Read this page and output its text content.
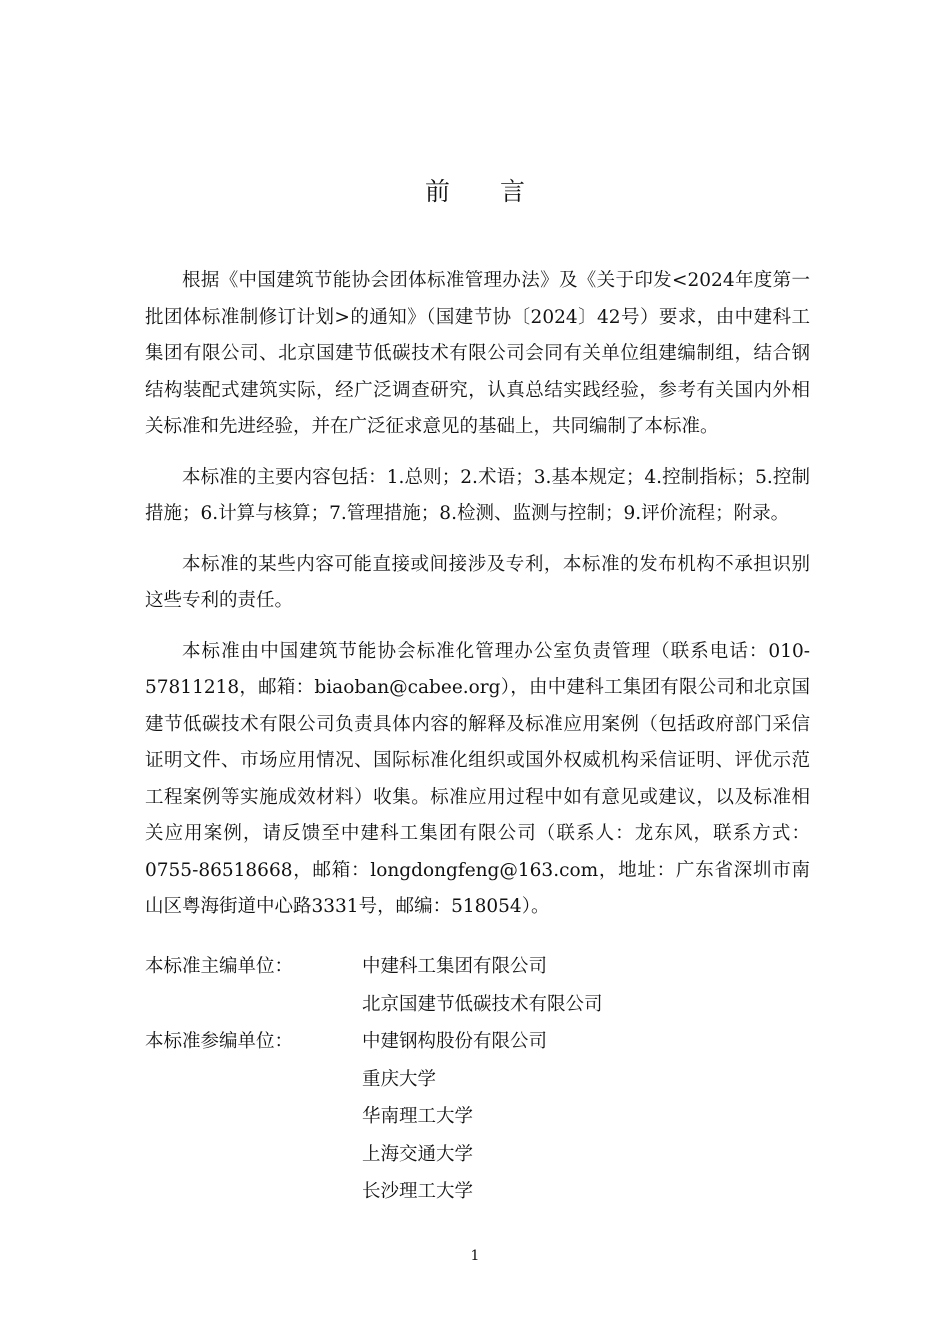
前 言

根据《中国建筑节能协会团体标准管理办法》及《关于印发<2024年度第一批团体标准制修订计划>的通知》（国建节协〔2024〕42号）要求，由中建科工集团有限公司、北京国建节低碳技术有限公司会同有关单位组建编制组，结合钢结构装配式建筑实际，经广泛调查研究，认真总结实践经验，参考有关国内外相关标准和先进经验，并在广泛征求意见的基础上，共同编制了本标准。

本标准的主要内容包括：1.总则；2.术语；3.基本规定；4.控制指标；5.控制措施；6.计算与核算；7.管理措施；8.检测、监测与控制；9.评价流程；附录。

本标准的某些内容可能直接或间接涉及专利，本标准的发布机构不承担识别这些专利的责任。

本标准由中国建筑节能协会标准化管理办公室负责管理（联系电话：010-57811218，邮箱：biaoban@cabee.org），由中建科工集团有限公司和北京国建节低碳技术有限公司负责具体内容的解释及标准应用案例（包括政府部门采信证明文件、市场应用情况、国际标准化组织或国外权威机构采信证明、评优示范工程案例等实施成效材料）收集。标准应用过程中如有意见或建议，以及标准相关应用案例，请反馈至中建科工集团有限公司（联系人：龙东风，联系方式：0755-86518668，邮箱：longdongfeng@163.com，地址：广东省深圳市南山区粤海街道中心路3331号，邮编：518054）。

本标准主编单位：	中建科工集团有限公司
北京国建节低碳技术有限公司
本标准参编单位：	中建钢构股份有限公司
重庆大学
华南理工大学
上海交通大学
长沙理工大学
1
